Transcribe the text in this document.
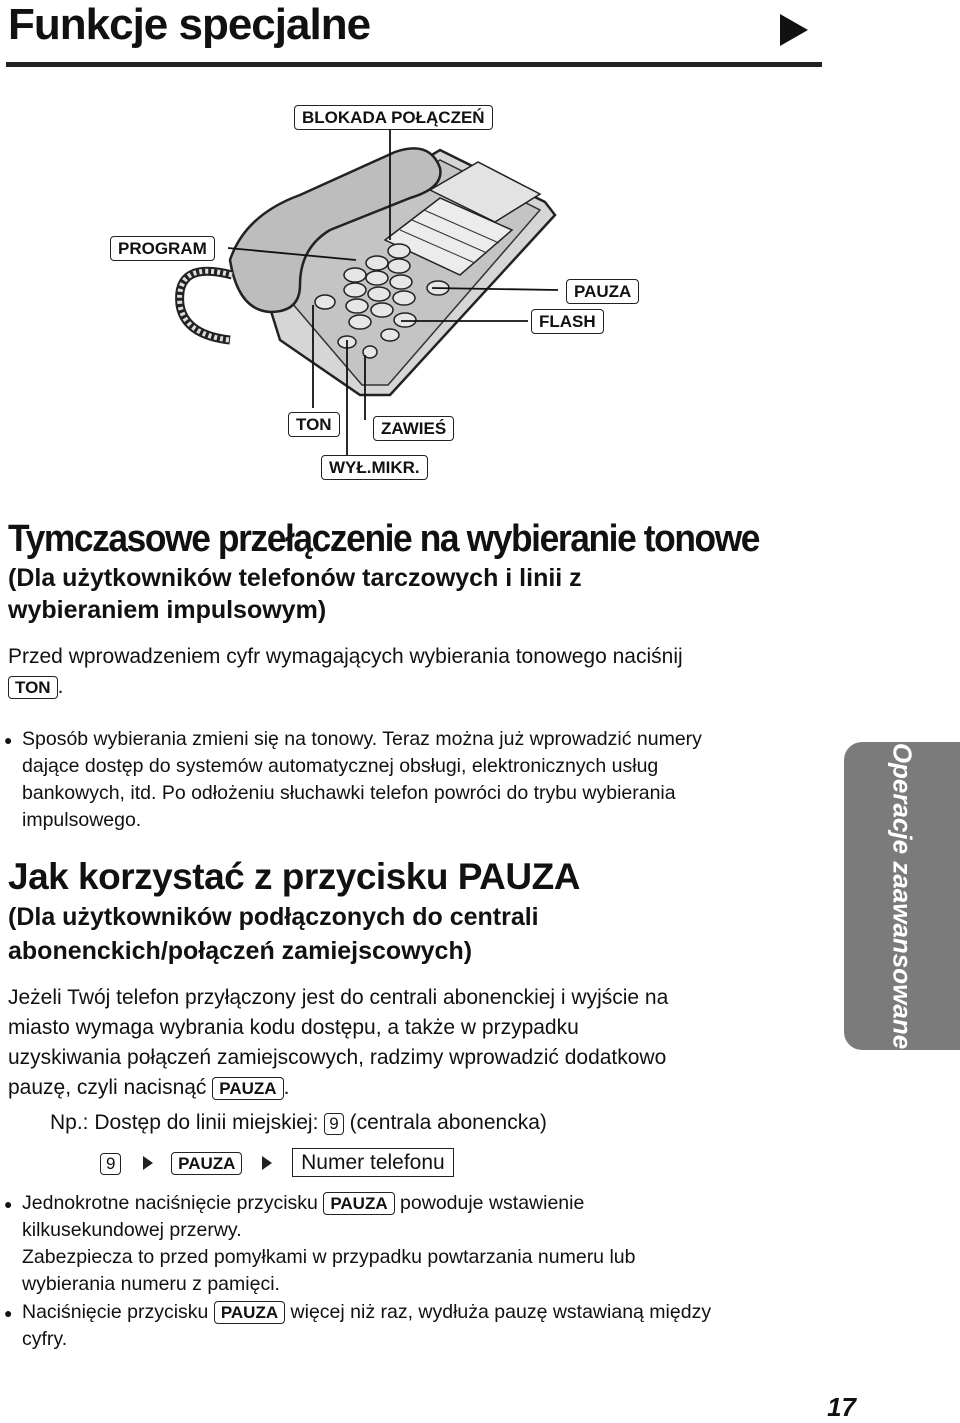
Funkcje specjalne
BLOKADA POŁĄCZEŃ
PROGRAM
PAUZA
FLASH
TON	ZAWIEŚ
WYŁ.MIKR.
Tymczasowe przełączenie na wybieranie tonowe
(Dla użytkowników telefonów tarczowych i linii z
wybieraniem impulsowym)
Przed wprowadzeniem cyfr wymagających wybierania tonowego naciśnij
TON .
● Sposób wybierania zmieni się na tonowy. Teraz można już wprowadzić numery
dające dostęp do systemów automatycznej obsługi, elektronicznych usług
bankowych, itd. Po odłożeniu słuchawki telefon powróci do trybu wybierania
impulsowego.
Jak korzystać z przycisku PAUZA
(Dla użytkowników podłączonych do centrali
abonenckich/połączeń zamiejscowych)
Jeżeli Twój telefon przyłączony jest do centrali abonenckiej i wyjście na
miasto wymaga wybrania kodu dostępu, a także w przypadku
uzyskiwania połączeń zamiejscowych, radzimy wprowadzić dodatkowo
pauzę, czyli nacisnąć PAUZA .
Np.: Dostęp do linii miejskiej: 9 (centrala abonencka)
9	PAUZA	Numer telefonu
● Jednokrotne naciśnięcie przycisku PAUZA powoduje wstawienie
kilkusekundowej przerwy.
Zabezpiecza to przed pomyłkami w przypadku powtarzania numeru lub
wybierania numeru z pamięci.
● Naciśnięcie przycisku PAUZA więcej niż raz, wydłuża pauzę wstawianą między
cyfry.
Operacje zaawansowane
17
